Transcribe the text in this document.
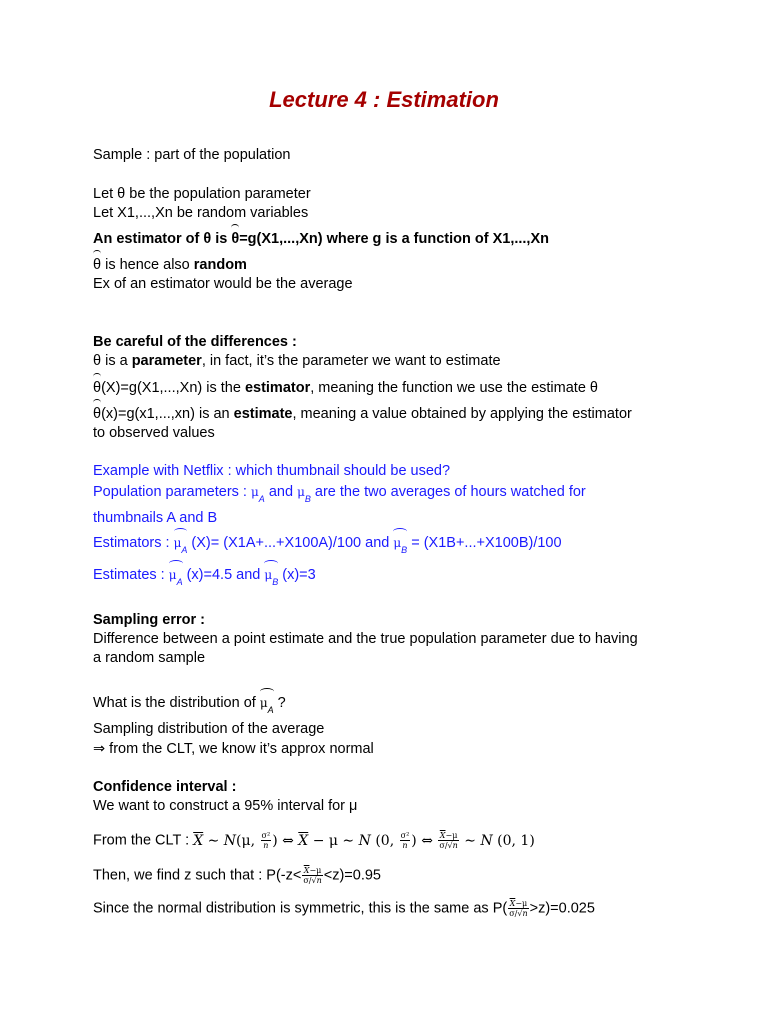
Lecture 4 : Estimation
Sample : part of the population
Let θ be the population parameter
Let X1,...,Xn be random variables
An estimator of θ is θ=g(X1,...,Xn) where g is a function of X1,...,Xn
θ is hence also random
Ex of an estimator would be the average
Be careful of the differences :
θ is a parameter, in fact, it’s the parameter we want to estimate
θ(X)=g(X1,...,Xn) is the estimator, meaning the function we use the estimate θ
θ(x)=g(x1,...,xn) is an estimate, meaning a value obtained by applying the estimator
to observed values
Example with Netflix : which thumbnail should be used?
Population parameters : $\mu_A$ and $\mu_B$ are the two averages of hours watched for
thumbnails A and B
Estimators : $\mu_A$ (X)= (X1A+...+X100A)/100 and $\mu_B = (X1B+...+X100B)/100$
Estimates : $\mu_A$ (x)=4.5 and $\mu_B$ (x)=3
Sampling error :
Difference between a point estimate and the true population parameter due to having
a random sample
What is the distribution of $\mu_A$ ?
Sampling distribution of the average
⇒ from the CLT, we know it’s approx normal
Confidence interval :
We want to construct a 95% interval for μ
From the CLT : $\overline{X}$ ∼ N(μ, $\frac{\text{σ²}}{n}$ ) ⇔ $\overline{X} - \mu$ ∼ N (0, $\frac{\text{σ²}}{n}$ ) ⇔ $\frac{\overline{X}-\mu}{\sigma/√n}$ ∼ N (0, 1)
Then, we find z such that : $P(-z< \frac{\overline{X}-\mu}{\sigma/√n} <z)=0.95$
Since the normal distribution is symmetric, this is the same as $P( \frac{\overline{X}-\mu}{\sigma/√n} >z)=0.025$
